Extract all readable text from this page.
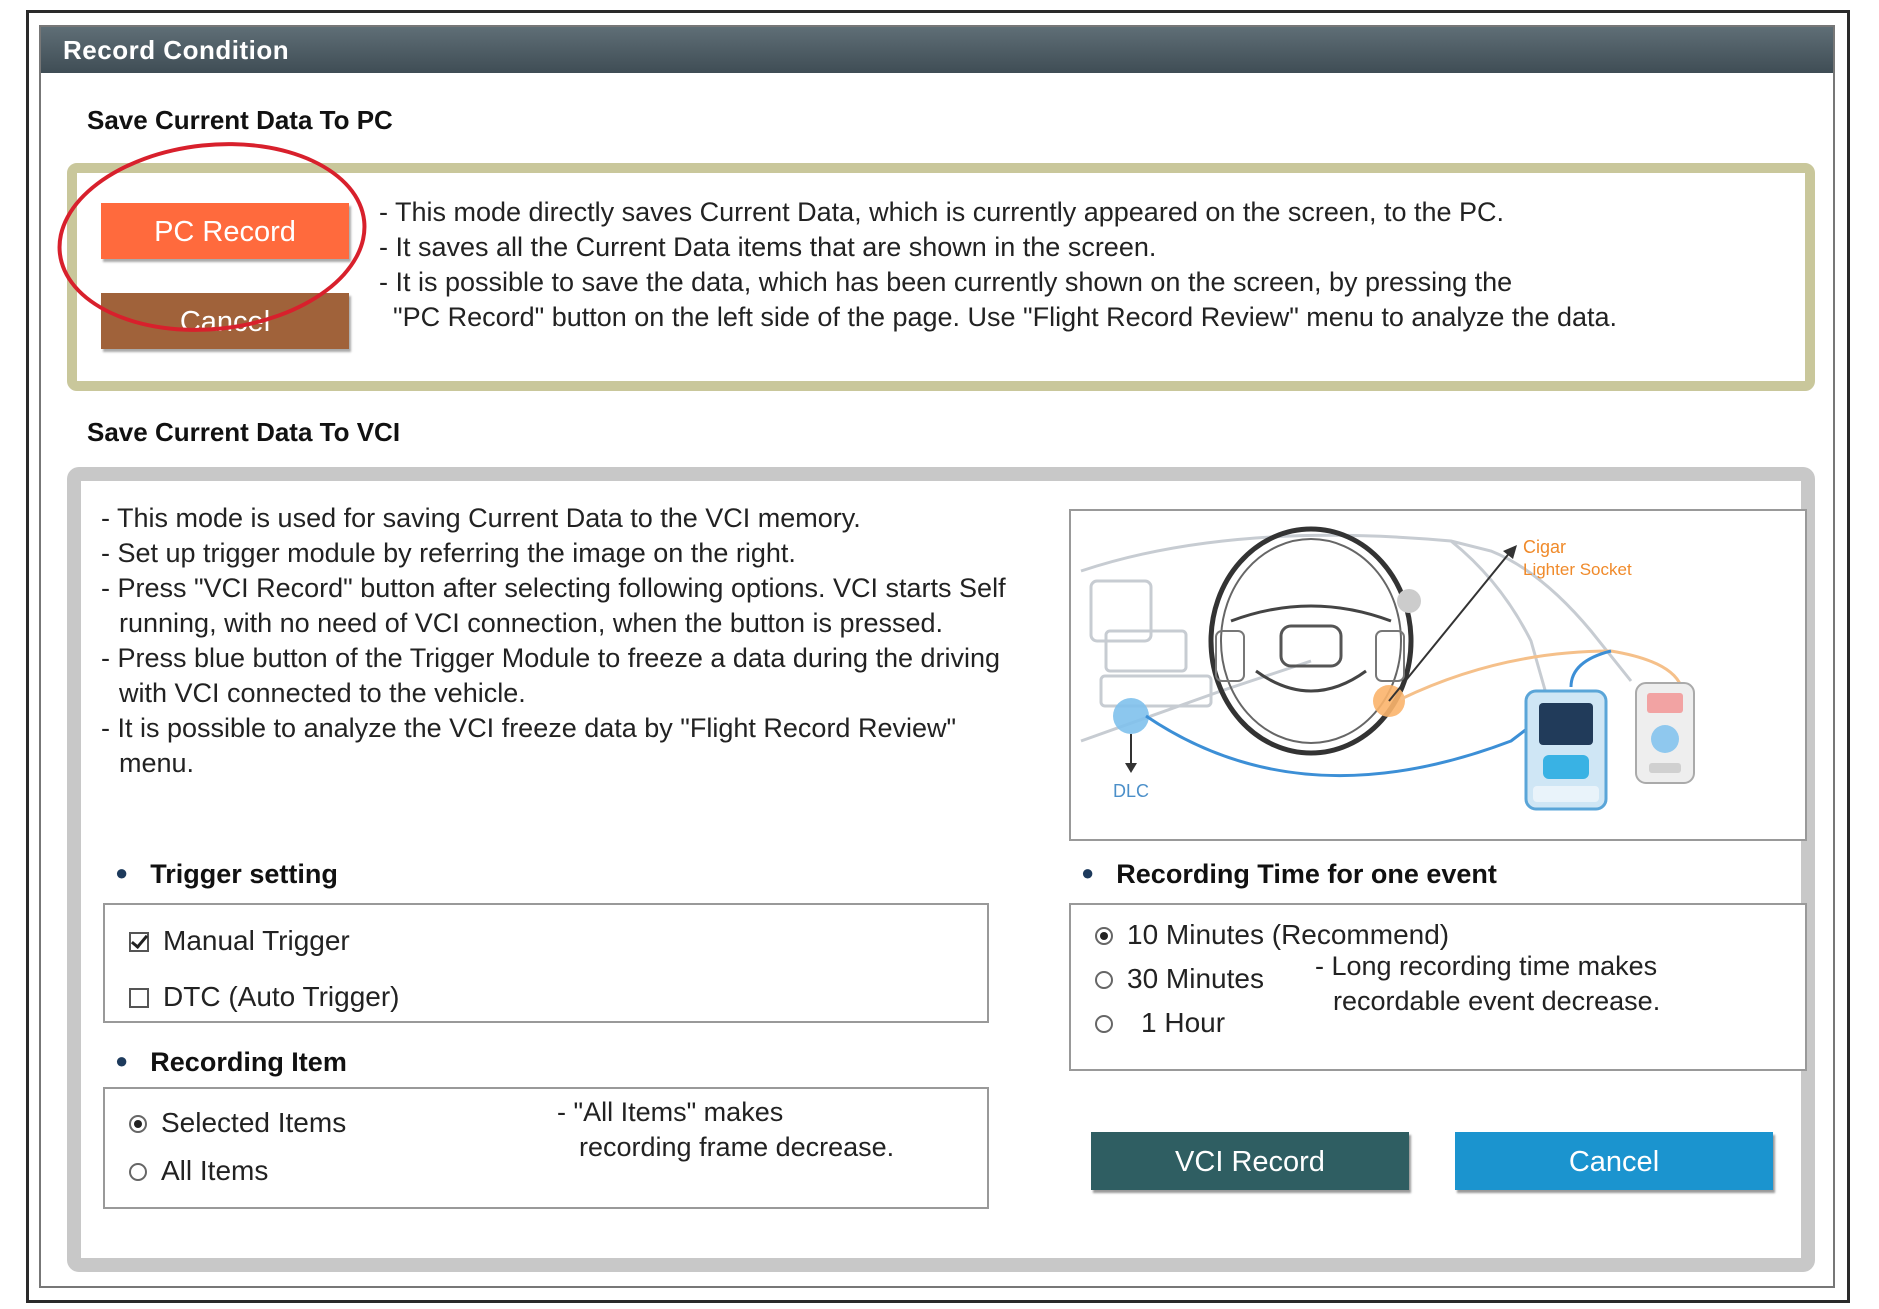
Record Condition
Save Current Data To PC
PC Record
Cancel
- This mode directly saves Current Data, which is currently appeared on the screen, to the PC.
- It saves all the Current Data items that are shown in the screen.
- It is possible to save the data, which has been currently shown on the screen, by pressing the
"PC Record" button on the left side of the page. Use "Flight Record Review" menu to analyze the data.
Save Current Data To VCI
- This mode is used for saving Current Data to the VCI memory.
- Set up trigger module by referring the image on the right.
- Press "VCI Record" button after selecting following options. VCI starts Self running, with no need of VCI connection, when the button is pressed.
- Press blue button of the Trigger Module to freeze a data during the driving with VCI connected to the vehicle.
- It is possible to analyze the VCI freeze data by "Flight Record Review" menu.
Cigar
Lighter Socket
DLC
● Trigger setting
Manual Trigger
DTC (Auto Trigger)
● Recording Item
Selected Items
All Items
- "All Items" makes
recording frame decrease.
● Recording Time for one event
10 Minutes (Recommend)
30 Minutes
1 Hour
- Long recording time makes
recordable event decrease.
VCI Record	Cancel
